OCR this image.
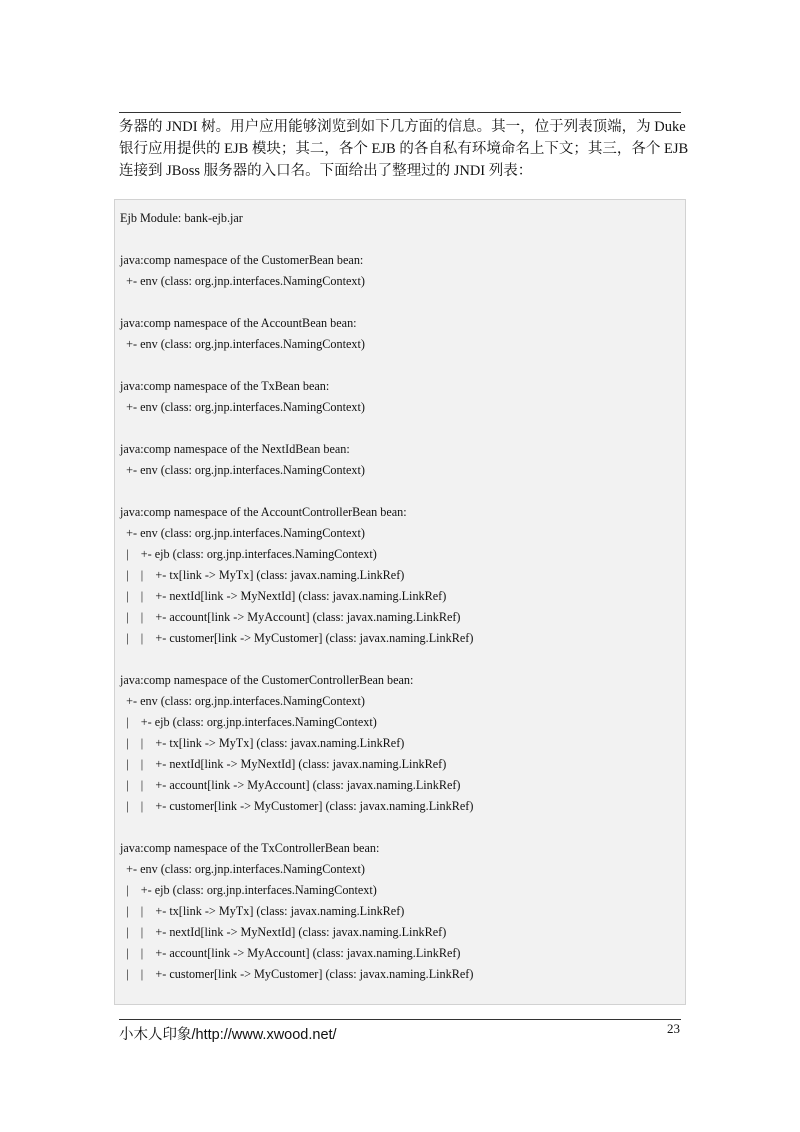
务器的 JNDI 树。用户应用能够浏览到如下几方面的信息。其一，位于列表顶端，为 Duke
银行应用提供的 EJB 模块；其二，各个 EJB 的各自私有环境命名上下文；其三，各个 EJB
连接到 JBoss 服务器的入口名。下面给出了整理过的 JNDI 列表：
Ejb Module: bank-ejb.jar
java:comp namespace of the CustomerBean bean:
+- env (class: org.jnp.interfaces.NamingContext)
java:comp namespace of the AccountBean bean:
+- env (class: org.jnp.interfaces.NamingContext)
java:comp namespace of the TxBean bean:
+- env (class: org.jnp.interfaces.NamingContext)
java:comp namespace of the NextIdBean bean:
+- env (class: org.jnp.interfaces.NamingContext)
java:comp namespace of the AccountControllerBean bean:
+- env (class: org.jnp.interfaces.NamingContext)
|    +- ejb (class: org.jnp.interfaces.NamingContext)
|    |    +- tx[link -> MyTx] (class: javax.naming.LinkRef)
|    |    +- nextId[link -> MyNextId] (class: javax.naming.LinkRef)
|    |    +- account[link -> MyAccount] (class: javax.naming.LinkRef)
|    |    +- customer[link -> MyCustomer] (class: javax.naming.LinkRef)
java:comp namespace of the CustomerControllerBean bean:
+- env (class: org.jnp.interfaces.NamingContext)
|    +- ejb (class: org.jnp.interfaces.NamingContext)
|    |    +- tx[link -> MyTx] (class: javax.naming.LinkRef)
|    |    +- nextId[link -> MyNextId] (class: javax.naming.LinkRef)
|    |    +- account[link -> MyAccount] (class: javax.naming.LinkRef)
|    |    +- customer[link -> MyCustomer] (class: javax.naming.LinkRef)
java:comp namespace of the TxControllerBean bean:
+- env (class: org.jnp.interfaces.NamingContext)
|    +- ejb (class: org.jnp.interfaces.NamingContext)
|    |    +- tx[link -> MyTx] (class: javax.naming.LinkRef)
|    |    +- nextId[link -> MyNextId] (class: javax.naming.LinkRef)
|    |    +- account[link -> MyAccount] (class: javax.naming.LinkRef)
|    |    +- customer[link -> MyCustomer] (class: javax.naming.LinkRef)
小木人印象/http://www.xwood.net/	23
